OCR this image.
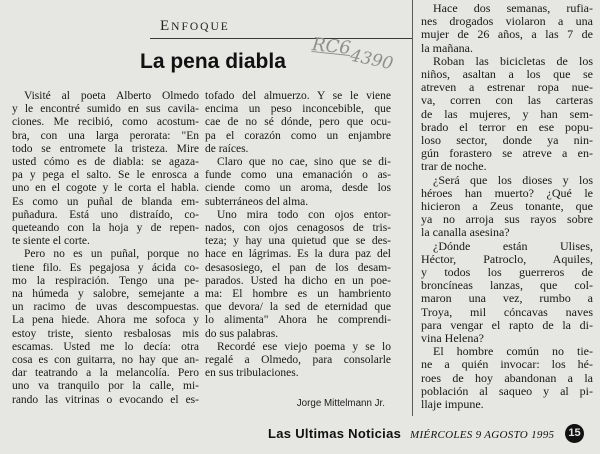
ENFOQUE
La pena diabla
RC6
4390
Visité al poeta Alberto Olmedo
y le encontré sumido en sus cavila-
ciones. Me recibió, como acostum-
bra, con una larga perorata: "En
todo se entromete la tristeza. Mire
usted cómo es de diabla: se agaza-
pa y pega el salto. Se le enrosca a
uno en el cogote y le corta el habla.
Es como un puñal de blanda em-
puñadura. Está uno distraído, co-
queteando con la hoja y de repen-
te siente el corte.
Pero no es un puñal, porque no
tiene filo. Es pegajosa y ácida co-
mo la respiración. Tengo una pe-
na húmeda y salobre, semejante a
un racimo de uvas descompuestas.
La pena hiede. Ahora me sofoca y
estoy triste, siento resbalosas mis
escamas. Usted me lo decía: otra
cosa es con guitarra, no hay que an-
dar teatrando a la melancolía. Pero
uno va tranquilo por la calle, mi-
rando las vitrinas o evocando el es-
tofado del almuerzo. Y se le viene
encima un peso inconcebible, que
cae de no sé dónde, pero que ocu-
pa el corazón como un enjambre
de raíces.
Claro que no cae, sino que se di-
funde como una emanación o as-
ciende como un aroma, desde los
subterráneos del alma.
Uno mira todo con ojos entor-
nados, con ojos cenagosos de tris-
teza; y hay una quietud que se des-
hace en lágrimas. Es la dura paz del
desasosiego, el pan de los desam-
parados. Usted ha dicho en un poe-
ma: El hombre es un hambriento
que devora/ la sed de eternidad que
lo alimenta" Ahora he comprendi-
do sus palabras.
Recordé ese viejo poema y se lo
regalé a Olmedo, para consolarle
en sus tribulaciones.
Jorge Mittelmann Jr.
Hace dos semanas, rufia-
nes drogados violaron a una
mujer de 26 años, a las 7 de
la mañana.
Roban las bicicletas de los
niños, asaltan a los que se
atreven a estrenar ropa nue-
va, corren con las carteras
de las mujeres, y han sem-
brado el terror en ese popu-
loso sector, donde ya nin-
gún forastero se atreve a en-
trar de noche.
¿Será que los dioses y los
héroes han muerto? ¿Qué le
hicieron a Zeus tonante, que
ya no arroja sus rayos sobre
la canalla asesina?
¿Dónde están Ulises,
Héctor, Patroclo, Aquiles,
y todos los guerreros de
broncíneas lanzas, que col-
maron una vez, rumbo a
Troya, mil cóncavas naves
para vengar el rapto de la di-
vina Helena?
El hombre común no tie-
ne a quién invocar: los hé-
roes de hoy abandonan a la
población al saqueo y al pi-
llaje impune.
Las Ultimas Noticias MIÉRCOLES 9 AGOSTO 1995	15
